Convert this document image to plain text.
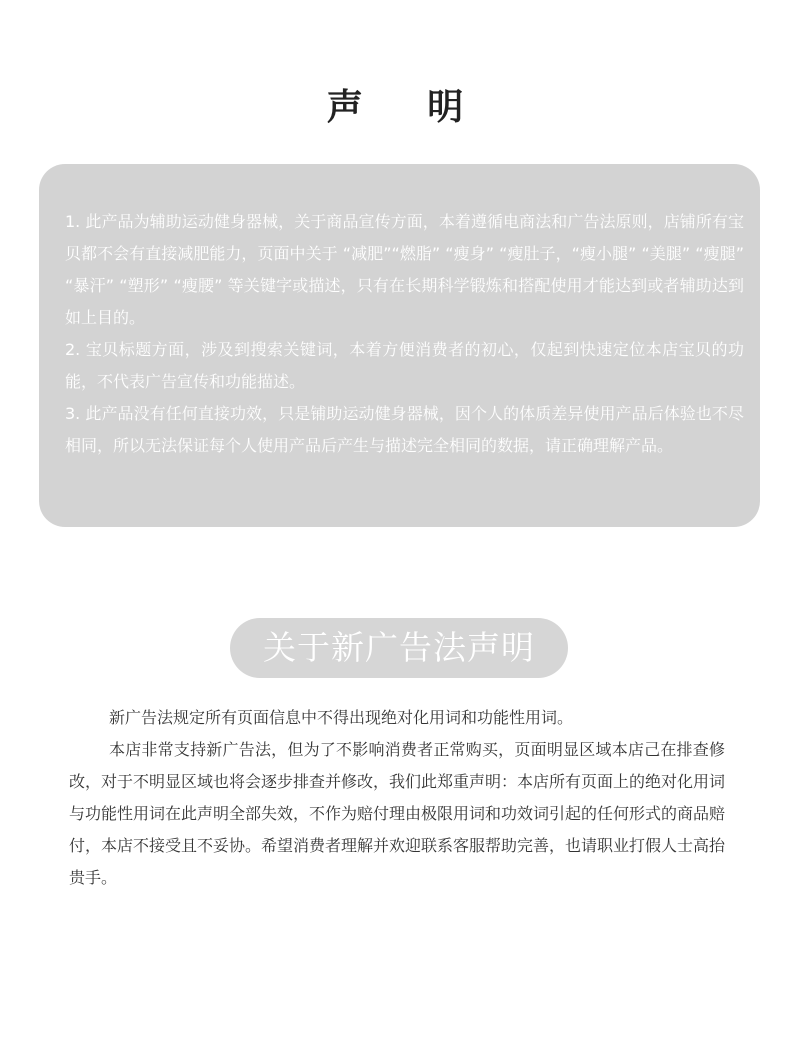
声 明

1. 此产品为辅助运动健身器械，关于商品宣传方面，本着遵循电商法和广告法原则，店铺所有宝贝都不会有直接减肥能力，页面中关于 “减肥”“燃脂” “瘦身” “瘦肚子，“瘦小腿” “美腿” “瘦腿” “暴汗” “塑形” “瘦腰” 等关键字或描述，只有在长期科学锻炼和搭配使用才能达到或者辅助达到如上目的。

2. 宝贝标题方面，涉及到搜索关键词，本着方便消费者的初心，仅起到快速定位本店宝贝的功能，不代表广告宣传和功能描述。

3. 此产品没有任何直接功效，只是铺助运动健身器械，因个人的体质差异使用产品后体验也不尽相同，所以无法保证每个人使用产品后产生与描述完全相同的数据，请正确理解产品。

关于新广告法声明

新广告法规定所有页面信息中不得出现绝对化用词和功能性用词。

本店非常支持新广告法，但为了不影响消费者正常购买，页面明显区域本店己在排查修改，对于不明显区域也将会逐步排查并修改，我们此郑重声明：本店所有页面上的绝对化用词与功能性用词在此声明全部失效，不作为赔付理由极限用词和功效词引起的任何形式的商品赔付，本店不接受且不妥协。希望消费者理解并欢迎联系客服帮助完善，也请职业打假人士高抬贵手。
